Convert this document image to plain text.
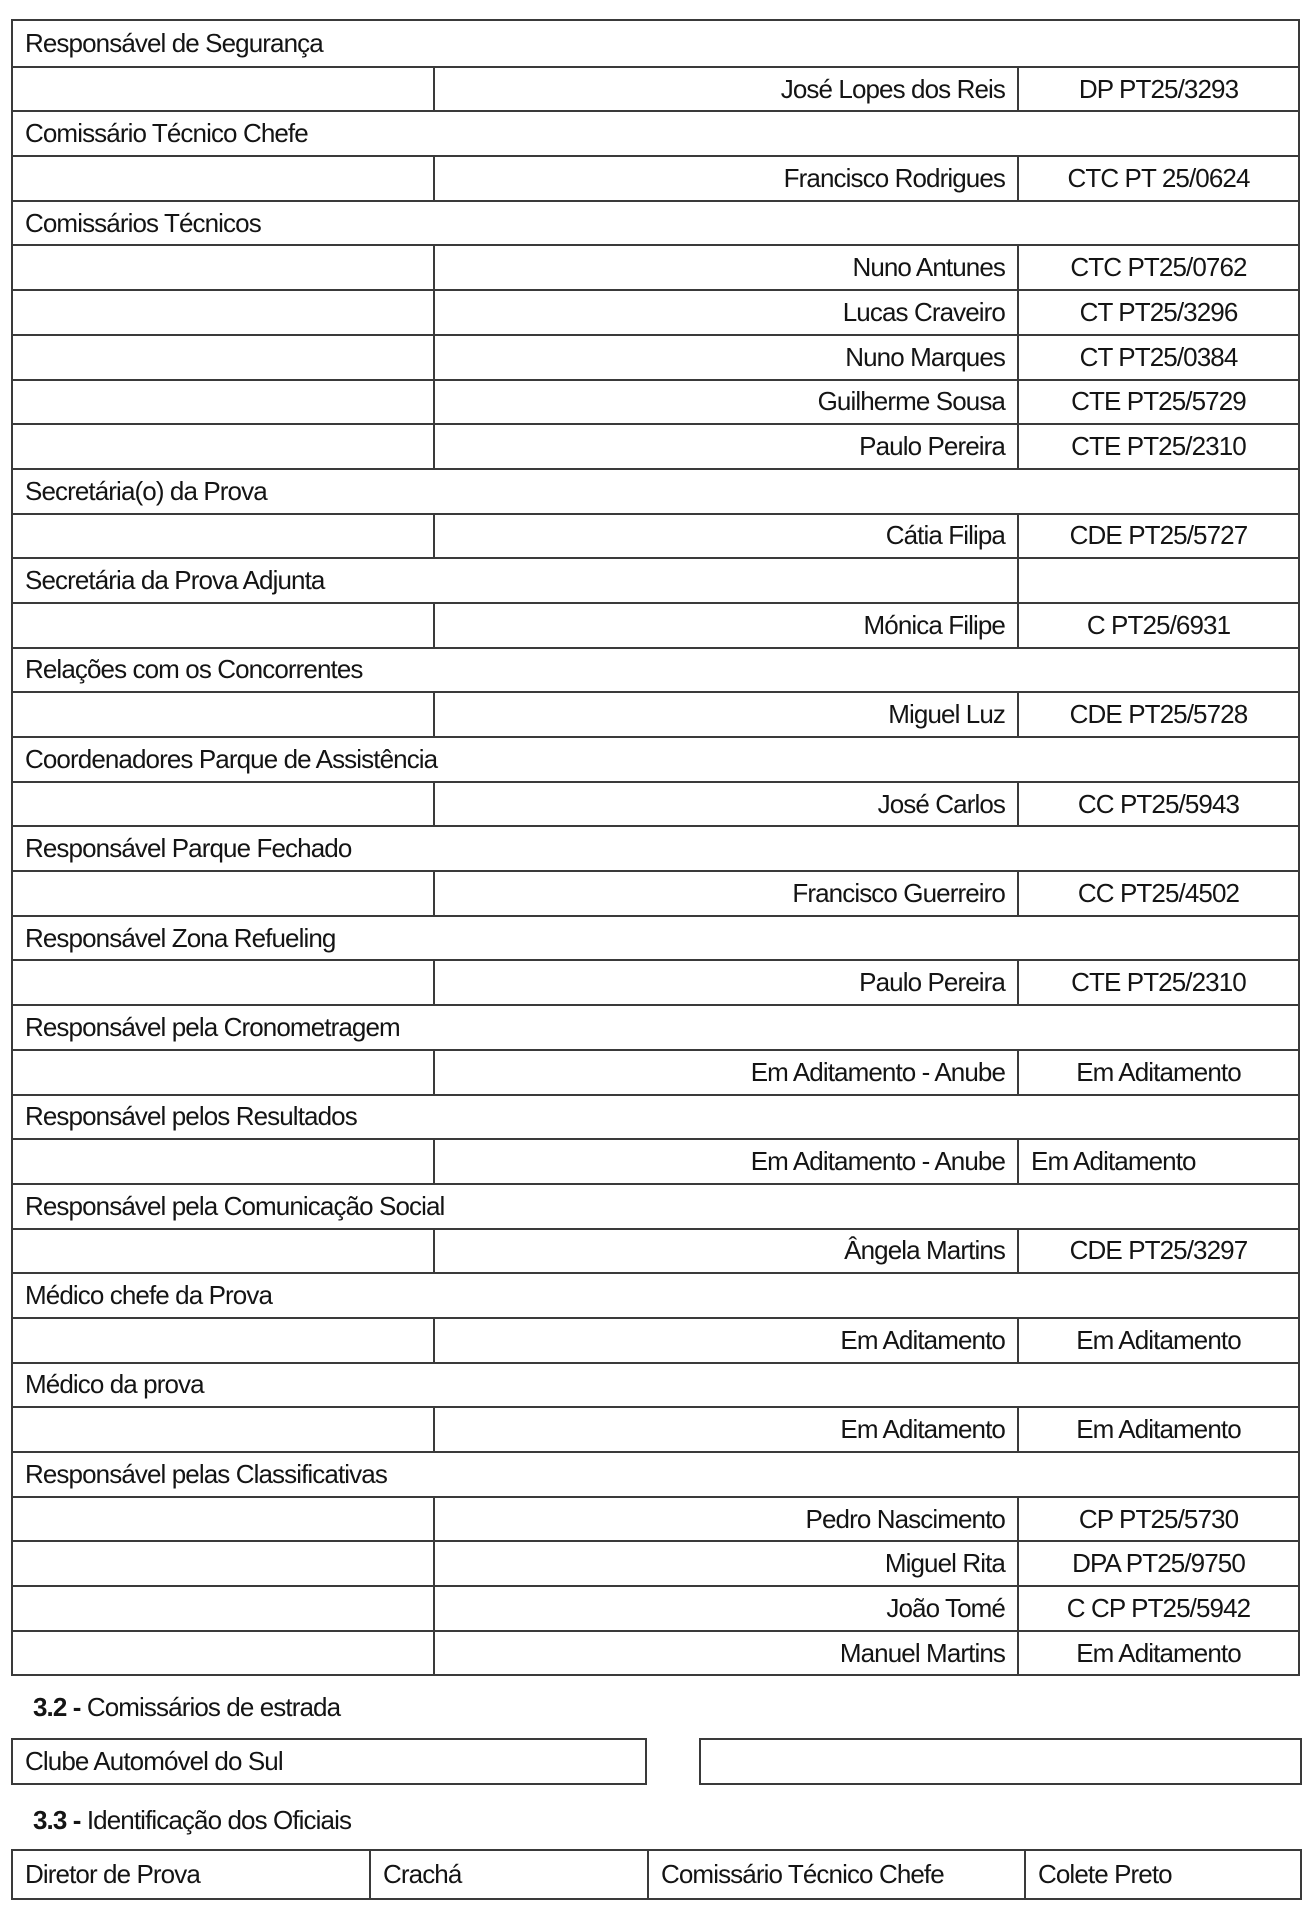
Responsável de Segurança
José Lopes dos Reis	DP PT25/3293
Comissário Técnico Chefe
Francisco Rodrigues	CTC PT 25/0624
Comissários Técnicos
Nuno Antunes	CTC PT25/0762
Lucas Craveiro	CT PT25/3296
Nuno Marques	CT PT25/0384
Guilherme Sousa	CTE PT25/5729
Paulo Pereira	CTE PT25/2310
Secretária(o) da Prova
Cátia Filipa	CDE PT25/5727
Secretária da Prova Adjunta
Mónica Filipe	C PT25/6931
Relações com os Concorrentes
Miguel Luz	CDE PT25/5728
Coordenadores Parque de Assistência
José Carlos	CC PT25/5943
Responsável Parque Fechado
Francisco Guerreiro	CC PT25/4502
Responsável Zona Refueling
Paulo Pereira	CTE PT25/2310
Responsável pela Cronometragem
Em Aditamento - Anube	Em Aditamento
Responsável pelos Resultados
Em Aditamento - Anube	Em Aditamento
Responsável pela Comunicação Social
Ângela Martins	CDE PT25/3297
Médico chefe da Prova
Em Aditamento	Em Aditamento
Médico da prova
Em Aditamento	Em Aditamento
Responsável pelas Classificativas
Pedro Nascimento	CP PT25/5730
Miguel Rita	DPA PT25/9750
João Tomé	C CP PT25/5942
Manuel Martins	Em Aditamento
3.2 - Comissários de estrada
Clube Automóvel do Sul
3.3 - Identificação dos Oficiais
Diretor de Prova	Crachá	Comissário Técnico Chefe	Colete Preto
